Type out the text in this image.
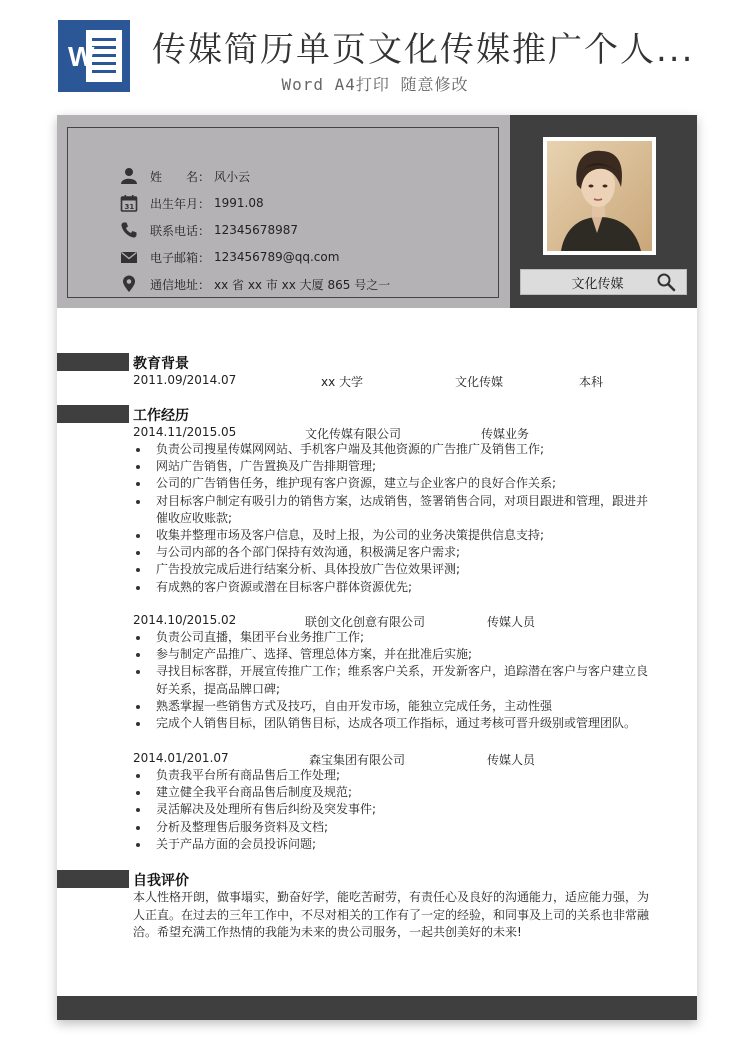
W 传媒简历单页文化传媒推广个人...
Word A4打印 随意修改
姓　　名： 风小云
31 出生年月： 1991.08
联系电话： 12345678987
电子邮箱： 123456789@qq.com
通信地址： xx 省 xx 市 xx 大厦 865 号之一	文化传媒
教育背景
2011.09/2014.07	xx 大学	文化传媒	本科
工作经历
2014.11/2015.05	文化传媒有限公司	传媒业务
负责公司搜星传媒网网站、手机客户端及其他资源的广告推广及销售工作;
网站广告销售，广告置换及广告排期管理;
公司的广告销售任务，维护现有客户资源，建立与企业客户的良好合作关系;
对目标客户制定有吸引力的销售方案，达成销售，签署销售合同，对项目跟进和管理，跟进并催收应收账款;
收集并整理市场及客户信息，及时上报，为公司的业务决策提供信息支持;
与公司内部的各个部门保持有效沟通，积极满足客户需求;
广告投放完成后进行结案分析、具体投放广告位效果评测;
有成熟的客户资源或潜在目标客户群体资源优先;
2014.10/2015.02	联创文化创意有限公司	传媒人员
负责公司直播，集团平台业务推广工作;
参与制定产品推广、选择、管理总体方案，并在批准后实施;
寻找目标客群，开展宣传推广工作；维系客户关系，开发新客户，追踪潜在客户与客户建立良好关系，提高品牌口碑;
熟悉掌握一些销售方式及技巧，自由开发市场，能独立完成任务，主动性强
完成个人销售目标，团队销售目标，达成各项工作指标，通过考核可晋升级别或管理团队。
2014.01/201.07	森宝集团有限公司	传媒人员
负责我平台所有商品售后工作处理;
建立健全我平台商品售后制度及规范;
灵活解决及处理所有售后纠纷及突发事件;
分析及整理售后服务资料及文档;
关于产品方面的会员投诉问题;
自我评价
本人性格开朗，做事塌实，勤奋好学，能吃苦耐劳，有责任心及良好的沟通能力，适应能力强，为人正直。在过去的三年工作中，不尽对相关的工作有了一定的经验，和同事及上司的关系也非常融洽。希望充满工作热情的我能为未来的贵公司服务，一起共创美好的未来!
